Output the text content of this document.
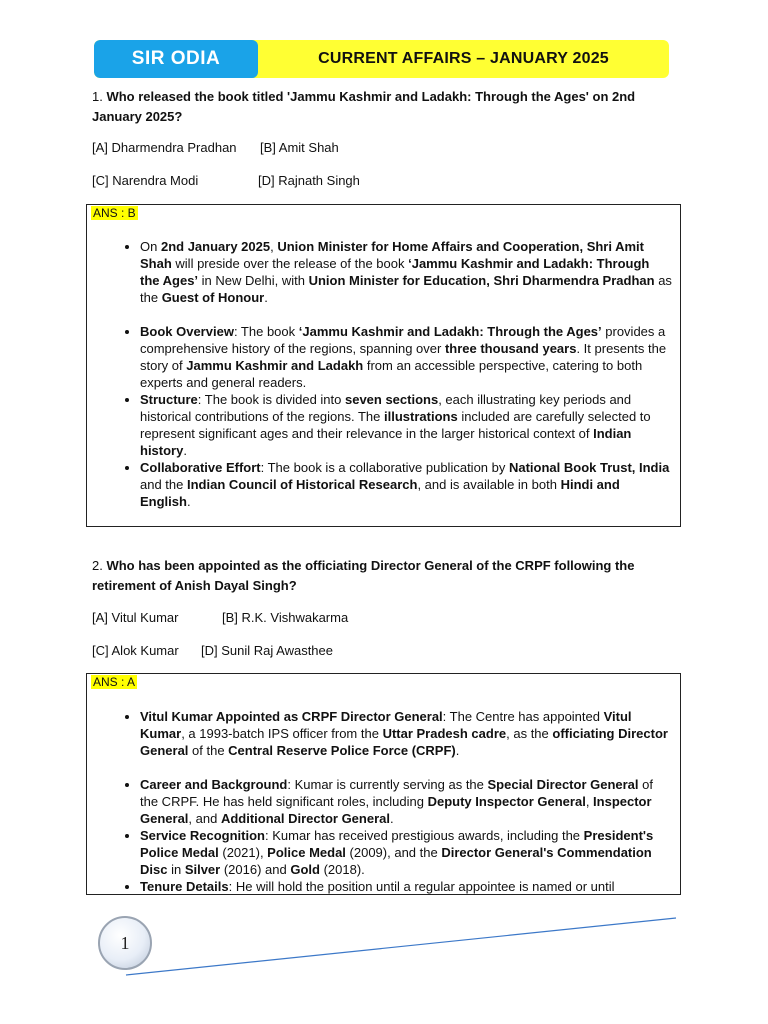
SIR ODIA	CURRENT AFFAIRS – JANUARY 2025
1. Who released the book titled 'Jammu Kashmir and Ladakh: Through the Ages' on 2nd January 2025?
[A] Dharmendra Pradhan [B] Amit Shah
[C] Narendra Modi	[D] Rajnath Singh
ANS : B
• On 2nd January 2025, Union Minister for Home Affairs and Cooperation, Shri Amit Shah will preside over the release of the book ‘Jammu Kashmir and Ladakh: Through the Ages’ in New Delhi, with Union Minister for Education, Shri Dharmendra Pradhan as the Guest of Honour.
• Book Overview: The book ‘Jammu Kashmir and Ladakh: Through the Ages’ provides a comprehensive history of the regions, spanning over three thousand years. It presents the story of Jammu Kashmir and Ladakh from an accessible perspective, catering to both experts and general readers.
• Structure: The book is divided into seven sections, each illustrating key periods and historical contributions of the regions. The illustrations included are carefully selected to represent significant ages and their relevance in the larger historical context of Indian history.
• Collaborative Effort: The book is a collaborative publication by National Book Trust, India and the Indian Council of Historical Research, and is available in both Hindi and English.
2. Who has been appointed as the officiating Director General of the CRPF following the retirement of Anish Dayal Singh?
[A] Vitul Kumar	[B] R.K. Vishwakarma
[C] Alok Kumar [D] Sunil Raj Awasthee
ANS : A
• Vitul Kumar Appointed as CRPF Director General: The Centre has appointed Vitul Kumar, a 1993-batch IPS officer from the Uttar Pradesh cadre, as the officiating Director General of the Central Reserve Police Force (CRPF).
• Career and Background: Kumar is currently serving as the Special Director General of the CRPF. He has held significant roles, including Deputy Inspector General, Inspector General, and Additional Director General.
• Service Recognition: Kumar has received prestigious awards, including the President's Police Medal (2021), Police Medal (2009), and the Director General's Commendation Disc in Silver (2016) and Gold (2018).
• Tenure Details: He will hold the position until a regular appointee is named or until
1
